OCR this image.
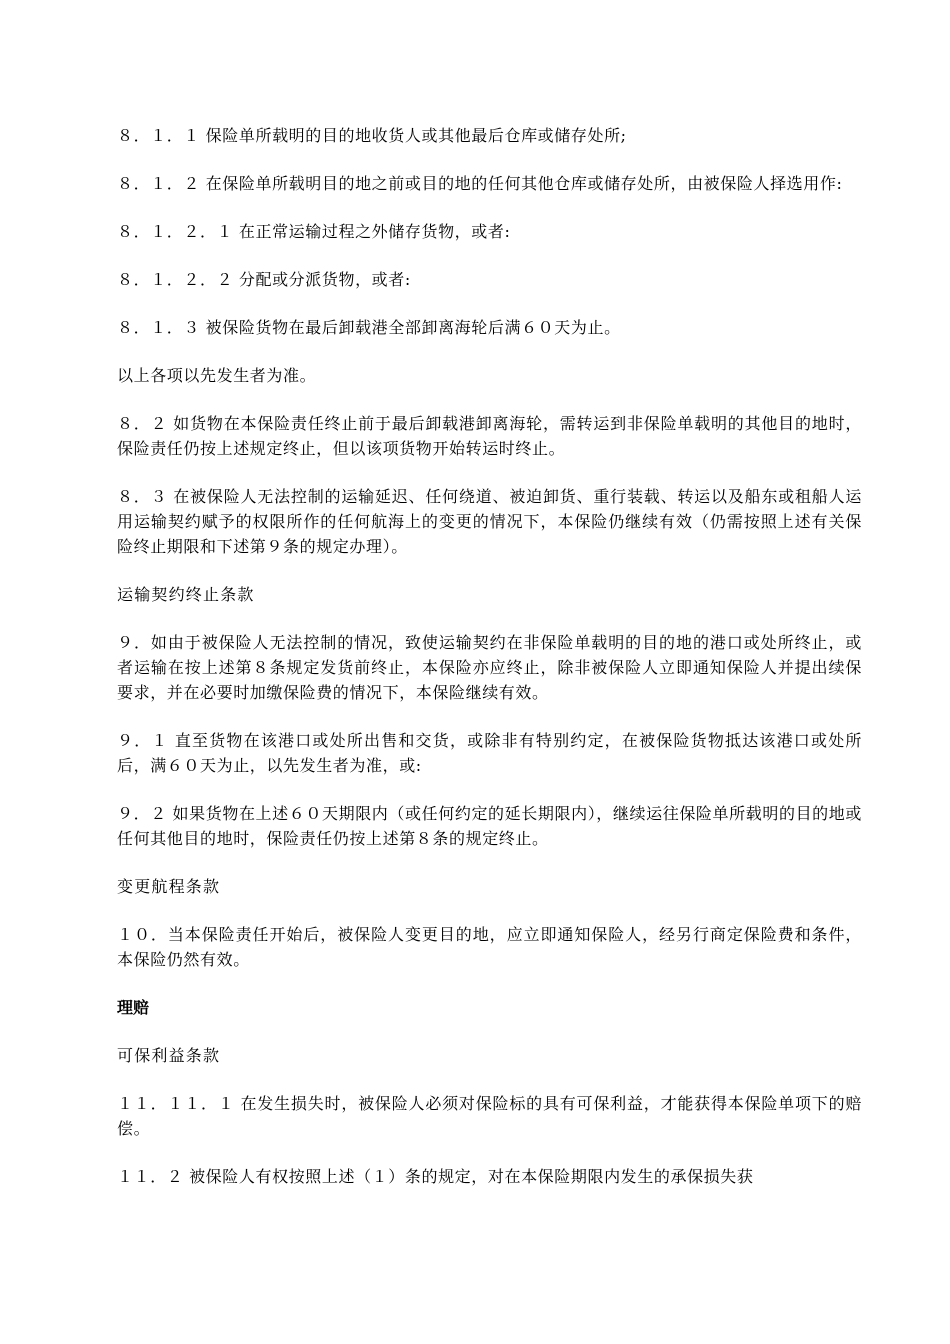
８．１．１ 保险单所载明的目的地收货人或其他最后仓库或储存处所;

８．１．２ 在保险单所载明目的地之前或目的地的任何其他仓库或储存处所，由被保险人择选用作:

８．１．２．１ 在正常运输过程之外储存货物，或者:

８．１．２．２ 分配或分派货物，或者:

８．１．３ 被保险货物在最后卸载港全部卸离海轮后满６０天为止。

以上各项以先发生者为准。

８．２ 如货物在本保险责任终止前于最后卸载港卸离海轮，需转运到非保险单载明的其他目的地时，保险责任仍按上述规定终止，但以该项货物开始转运时终止。

８．３ 在被保险人无法控制的运输延迟、任何绕道、被迫卸货、重行装载、转运以及船东或租船人运用运输契约赋予的权限所作的任何航海上的变更的情况下，本保险仍继续有效（仍需按照上述有关保险终止期限和下述第９条的规定办理）。

运输契约终止条款

９．如由于被保险人无法控制的情况，致使运输契约在非保险单载明的目的地的港口或处所终止，或者运输在按上述第８条规定发货前终止，本保险亦应终止，除非被保险人立即通知保险人并提出续保要求，并在必要时加缴保险费的情况下，本保险继续有效。

９．１ 直至货物在该港口或处所出售和交货，或除非有特别约定，在被保险货物抵达该港口或处所后，满６０天为止，以先发生者为准，或:

９．２ 如果货物在上述６０天期限内（或任何约定的延长期限内），继续运往保险单所载明的目的地或任何其他目的地时，保险责任仍按上述第８条的规定终止。

变更航程条款

１０．当本保险责任开始后，被保险人变更目的地，应立即通知保险人，经另行商定保险费和条件，本保险仍然有效。

理赔

可保利益条款

１１．１１．１ 在发生损失时，被保险人必须对保险标的具有可保利益，才能获得本保险单项下的赔偿。

１１．２ 被保险人有权按照上述（１）条的规定，对在本保险期限内发生的承保损失获
